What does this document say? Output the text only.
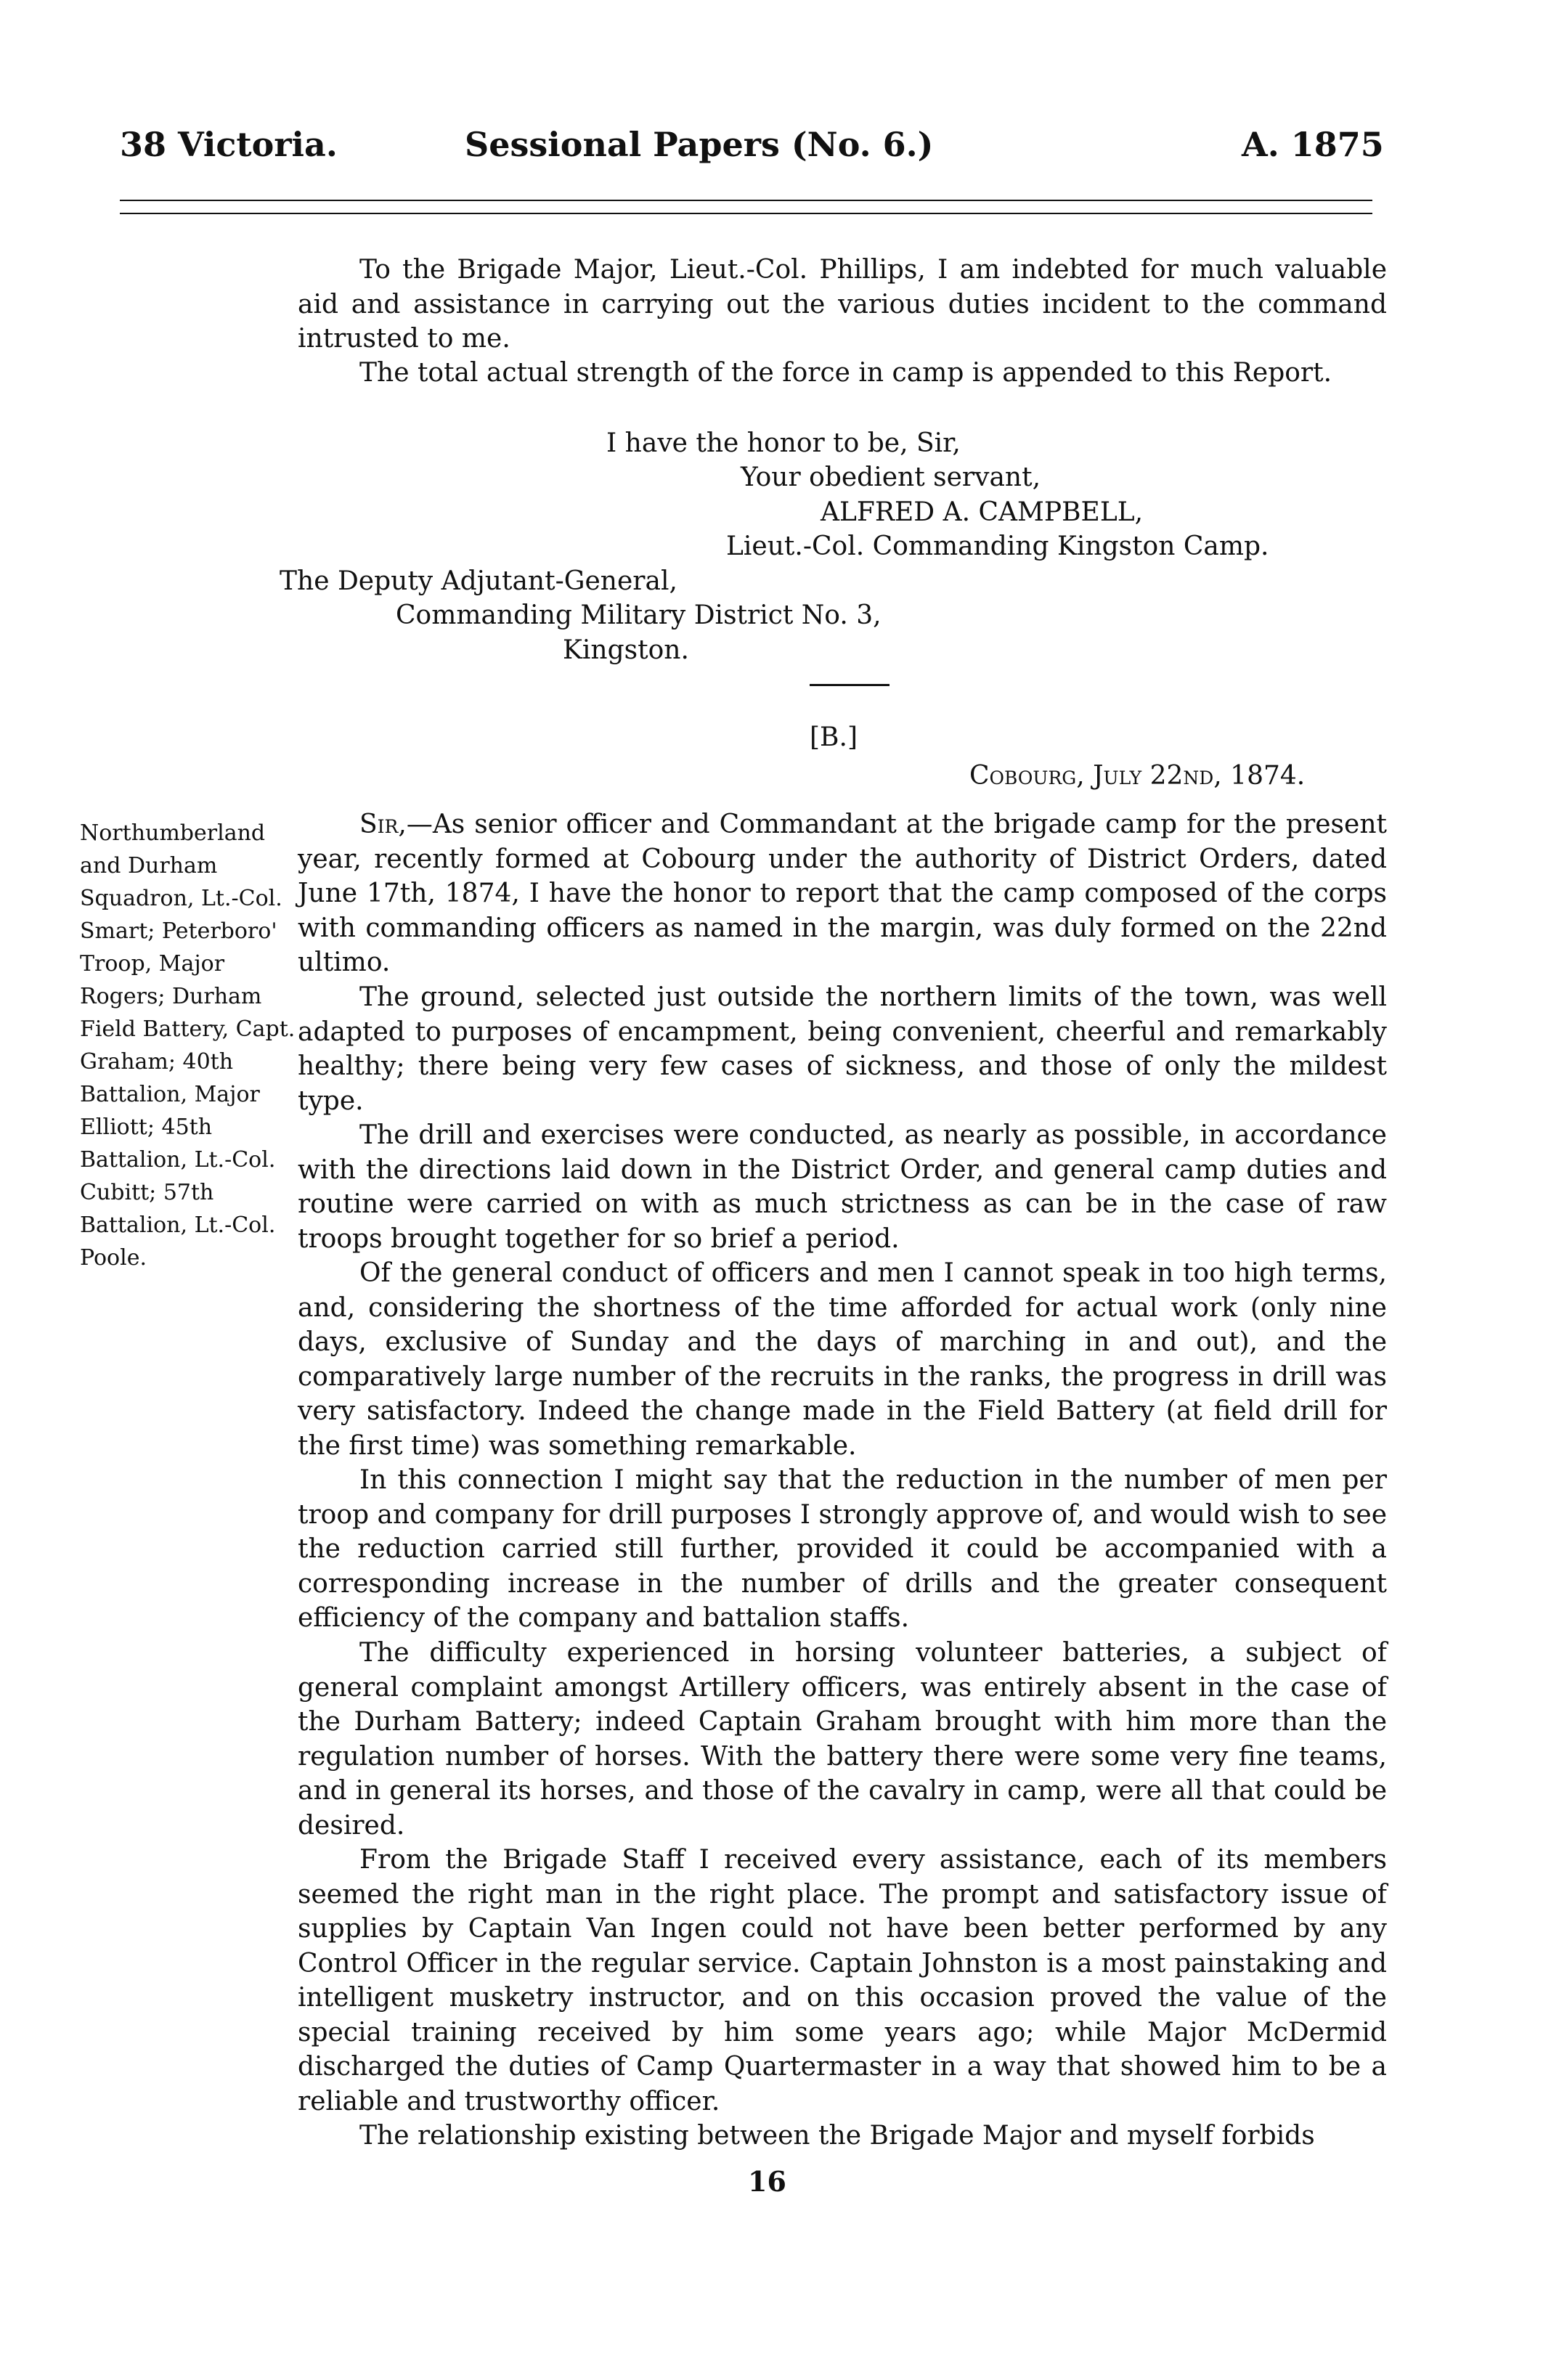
38 Victoria.	Sessional Papers (No. 6.)	A. 1875

To the Brigade Major, Lieut.-Col. Phillips, I am indebted for much valuable aid and assistance in carrying out the various duties incident to the command intrusted to me.

The total actual strength of the force in camp is appended to this Report.

I have the honor to be, Sir,
Your obedient servant,
ALFRED A. CAMPBELL,
Lieut.-Col. Commanding Kingston Camp.
The Deputy Adjutant-General,
Commanding Military District No. 3,
Kingston.
[B.]
Cobourg, July 22nd, 1874.

Northumberland and Durham Squadron, Lt.-Col. Smart; Peterboro' Troop, Major Rogers; Durham Field Battery, Capt. Graham; 40th Battalion, Major Elliott; 45th Battalion, Lt.-Col. Cubitt; 57th Battalion, Lt.-Col. Poole.

Sir,—As senior officer and Commandant at the brigade camp for the present year, recently formed at Cobourg under the authority of District Orders, dated June 17th, 1874, I have the honor to report that the camp composed of the corps with commanding officers as named in the margin, was duly formed on the 22nd ultimo.

The ground, selected just outside the northern limits of the town, was well adapted to purposes of encampment, being convenient, cheerful and remarkably healthy; there being very few cases of sickness, and those of only the mildest type.

The drill and exercises were conducted, as nearly as possible, in accordance with the directions laid down in the District Order, and general camp duties and routine were carried on with as much strictness as can be in the case of raw troops brought together for so brief a period.

Of the general conduct of officers and men I cannot speak in too high terms, and, considering the shortness of the time afforded for actual work (only nine days, exclusive of Sunday and the days of marching in and out), and the comparatively large number of the recruits in the ranks, the progress in drill was very satisfactory. Indeed the change made in the Field Battery (at field drill for the first time) was something remarkable.

In this connection I might say that the reduction in the number of men per troop and company for drill purposes I strongly approve of, and would wish to see the reduction carried still further, provided it could be accompanied with a corresponding increase in the number of drills and the greater consequent efficiency of the company and battalion staffs.

The difficulty experienced in horsing volunteer batteries, a subject of general complaint amongst Artillery officers, was entirely absent in the case of the Durham Battery; indeed Captain Graham brought with him more than the regulation number of horses. With the battery there were some very fine teams, and in general its horses, and those of the cavalry in camp, were all that could be desired.

From the Brigade Staff I received every assistance, each of its members seemed the right man in the right place. The prompt and satisfactory issue of supplies by Captain Van Ingen could not have been better performed by any Control Officer in the regular service. Captain Johnston is a most painstaking and intelligent musketry instructor, and on this occasion proved the value of the special training received by him some years ago; while Major McDermid discharged the duties of Camp Quartermaster in a way that showed him to be a reliable and trustworthy officer.

The relationship existing between the Brigade Major and myself forbids

16
